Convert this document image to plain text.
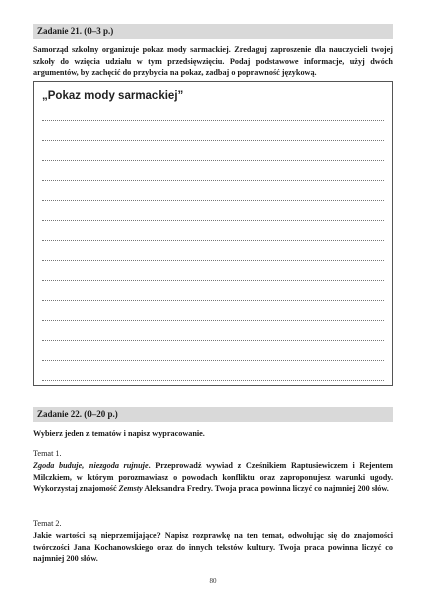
Zadanie 21. (0–3 p.)
Samorząd szkolny organizuje pokaz mody sarmackiej. Zredaguj zaproszenie dla nauczycieli twojej szkoły do wzięcia udziału w tym przedsięwzięciu. Podaj podstawowe informacje, użyj dwóch argumentów, by zachęcić do przybycia na pokaz, zadbaj o poprawność językową.
„Pokaz mody sarmackiej”
Zadanie 22. (0–20 p.)
Wybierz jeden z tematów i napisz wypracowanie.
Temat 1.
Zgoda buduje, niezgoda rujnuje. Przeprowadź wywiad z Cześnikiem Raptusiewiczem i Rejentem Milczkiem, w którym porozmawiasz o powodach konfliktu oraz zaproponujesz warunki ugody. Wykorzystaj znajomość Zemsty Aleksandra Fredry. Twoja praca powinna liczyć co najmniej 200 słów.
Temat 2.
Jakie wartości są nieprzemijające? Napisz rozprawkę na ten temat, odwołując się do znajomości twórczości Jana Kochanowskiego oraz do innych tekstów kultury. Twoja praca powinna liczyć co najmniej 200 słów.
80
